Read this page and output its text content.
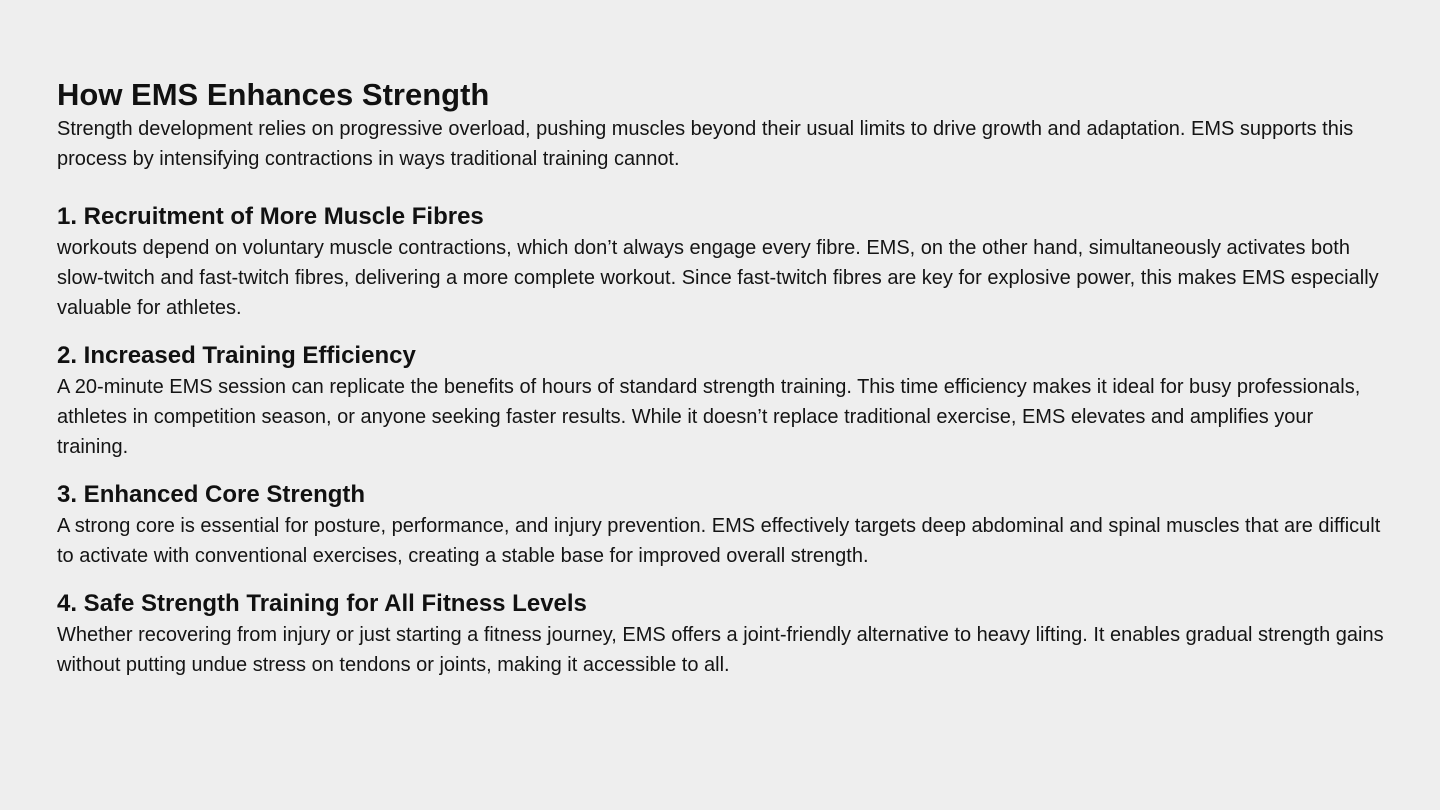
How EMS Enhances Strength

Strength development relies on progressive overload, pushing muscles beyond their usual limits to drive growth and adaptation. EMS supports this process by intensifying contractions in ways traditional training cannot.

1. Recruitment of More Muscle Fibres

workouts depend on voluntary muscle contractions, which don’t always engage every fibre. EMS, on the other hand, simultaneously activates both slow-twitch and fast-twitch fibres, delivering a more complete workout. Since fast-twitch fibres are key for explosive power, this makes EMS especially valuable for athletes.

2. Increased Training Efficiency

A 20-minute EMS session can replicate the benefits of hours of standard strength training. This time efficiency makes it ideal for busy professionals, athletes in competition season, or anyone seeking faster results. While it doesn’t replace traditional exercise, EMS elevates and amplifies your training.

3. Enhanced Core Strength

A strong core is essential for posture, performance, and injury prevention. EMS effectively targets deep abdominal and spinal muscles that are difficult to activate with conventional exercises, creating a stable base for improved overall strength.

4. Safe Strength Training for All Fitness Levels

Whether recovering from injury or just starting a fitness journey, EMS offers a joint-friendly alternative to heavy lifting. It enables gradual strength gains without putting undue stress on tendons or joints, making it accessible to all.
